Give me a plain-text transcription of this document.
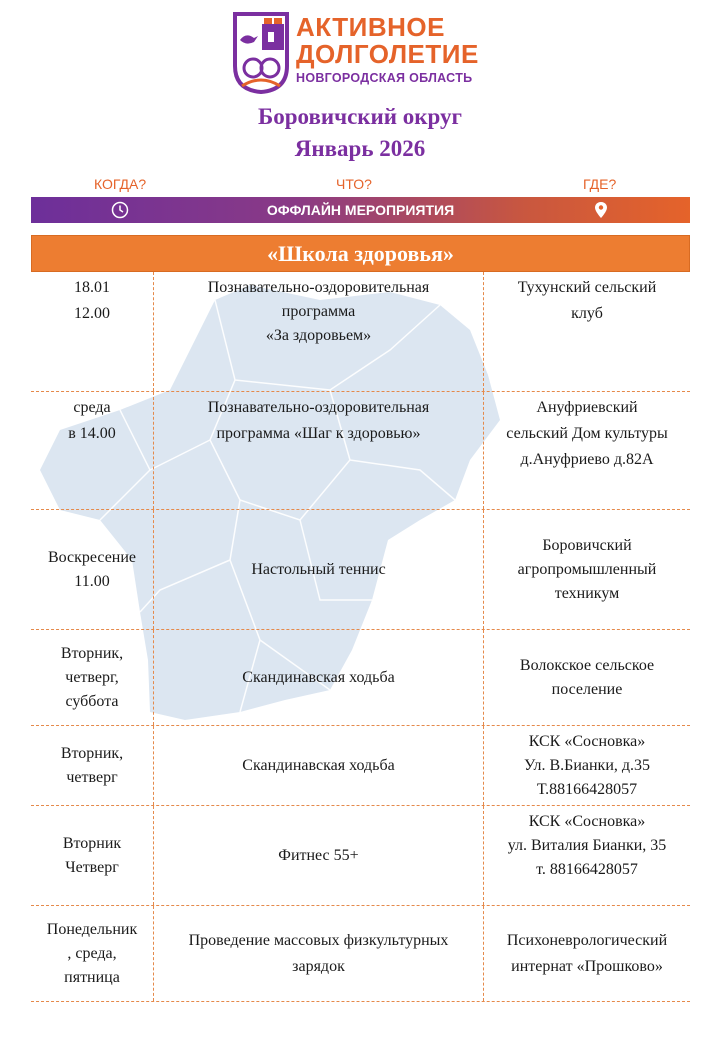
АКТИВНОЕ
ДОЛГОЛЕТИЕ
НОВГОРОДСКАЯ ОБЛАСТЬ
Боровичский округ
Январь 2026
КОГДА?	ЧТО?	ГДЕ?
ОФФЛАЙН МЕРОПРИЯТИЯ
«Школа здоровья»
18.01
12.00
Познавательно-оздоровительная
программа
«За здоровьем»
Тухунский сельский
клуб
среда
в 14.00
Познавательно-оздоровительная
программа «Шаг к здоровью»
Ануфриевский
сельский Дом культуры
д.Ануфриево д.82А
Воскресение
11.00
Настольный теннис
Боровичский
агропромышленный
техникум
Вторник,
четверг,
суббота
Скандинавская ходьба
Волокское сельское
поселение
Вторник,
четверг
Скандинавская ходьба
КСК «Сосновка»
Ул. В.Бианки, д.35
Т.88166428057
Вторник
Четверг
Фитнес 55+
КСК «Сосновка»
ул. Виталия Бианки, 35
т. 88166428057
Понедельник
, среда,
пятница
Проведение массовых физкультурных
зарядок
Психоневрологический
интернат «Прошково»
